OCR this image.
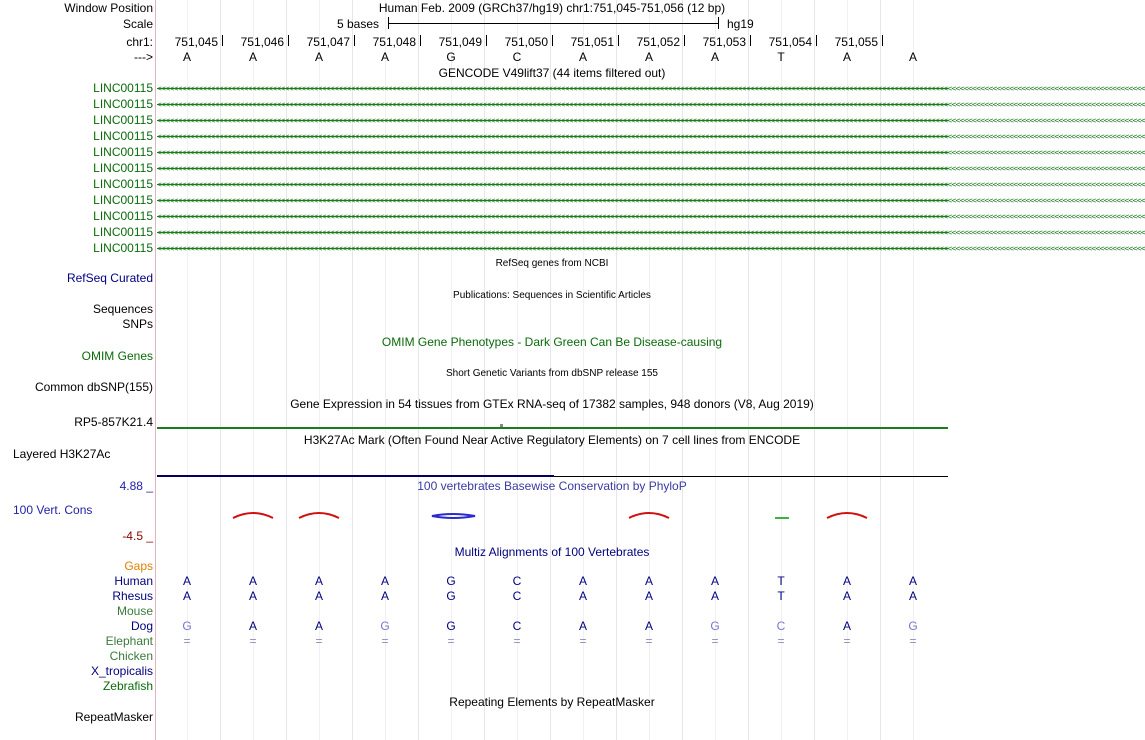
Window Position	Human Feb. 2009 (GRCh37/hg19) chr1:751,045-751,056 (12 bp)
Scale	5 bases	hg19
chr1: 751,045 751,046 751,047 751,048 751,049 751,050 751,051 751,052 751,053 751,054 751,055
---> A	A	A	A	G	C	A	A	A	T	A	A
GENCODE V49lift37 (44 items filtered out)
LINC00115 <<<<<<<<<<<<<<<<<<<<<<<<<<<<<<<<<<<<<<<<<<<<<<<<<<<<<<<<<<<<<<<<<<<<<<<<<<<<<<<<<<<<<<<<<<<<<<<<<<<<<<<<<<<<<<<<<<<<<<<<<<<<<<<<<<<<<<<<<<<<<<<<<<<<<<<<<<<<<<<<<<<<<<<<<<<<<<<<<<<<<<<<<<<<<<<<<<<<<<<<<<<<<<<<<<<<<<<<<<<<<<<<<<<<<<<<<<<<<<<<
LINC00115 <<<<<<<<<<<<<<<<<<<<<<<<<<<<<<<<<<<<<<<<<<<<<<<<<<<<<<<<<<<<<<<<<<<<<<<<<<<<<<<<<<<<<<<<<<<<<<<<<<<<<<<<<<<<<<<<<<<<<<<<<<<<<<<<<<<<<<<<<<<<<<<<<<<<<<<<<<<<<<<<<<<<<<<<<<<<<<<<<<<<<<<<<<<<<<<<<<<<<<<<<<<<<<<<<<<<<<<<<<<<<<<<<<<<<<<<<<<<<<<<
LINC00115 <<<<<<<<<<<<<<<<<<<<<<<<<<<<<<<<<<<<<<<<<<<<<<<<<<<<<<<<<<<<<<<<<<<<<<<<<<<<<<<<<<<<<<<<<<<<<<<<<<<<<<<<<<<<<<<<<<<<<<<<<<<<<<<<<<<<<<<<<<<<<<<<<<<<<<<<<<<<<<<<<<<<<<<<<<<<<<<<<<<<<<<<<<<<<<<<<<<<<<<<<<<<<<<<<<<<<<<<<<<<<<<<<<<<<<<<<<<<<<<<
LINC00115 <<<<<<<<<<<<<<<<<<<<<<<<<<<<<<<<<<<<<<<<<<<<<<<<<<<<<<<<<<<<<<<<<<<<<<<<<<<<<<<<<<<<<<<<<<<<<<<<<<<<<<<<<<<<<<<<<<<<<<<<<<<<<<<<<<<<<<<<<<<<<<<<<<<<<<<<<<<<<<<<<<<<<<<<<<<<<<<<<<<<<<<<<<<<<<<<<<<<<<<<<<<<<<<<<<<<<<<<<<<<<<<<<<<<<<<<<<<<<<<<
LINC00115 <<<<<<<<<<<<<<<<<<<<<<<<<<<<<<<<<<<<<<<<<<<<<<<<<<<<<<<<<<<<<<<<<<<<<<<<<<<<<<<<<<<<<<<<<<<<<<<<<<<<<<<<<<<<<<<<<<<<<<<<<<<<<<<<<<<<<<<<<<<<<<<<<<<<<<<<<<<<<<<<<<<<<<<<<<<<<<<<<<<<<<<<<<<<<<<<<<<<<<<<<<<<<<<<<<<<<<<<<<<<<<<<<<<<<<<<<<<<<<<<
LINC00115 <<<<<<<<<<<<<<<<<<<<<<<<<<<<<<<<<<<<<<<<<<<<<<<<<<<<<<<<<<<<<<<<<<<<<<<<<<<<<<<<<<<<<<<<<<<<<<<<<<<<<<<<<<<<<<<<<<<<<<<<<<<<<<<<<<<<<<<<<<<<<<<<<<<<<<<<<<<<<<<<<<<<<<<<<<<<<<<<<<<<<<<<<<<<<<<<<<<<<<<<<<<<<<<<<<<<<<<<<<<<<<<<<<<<<<<<<<<<<<<<
LINC00115 <<<<<<<<<<<<<<<<<<<<<<<<<<<<<<<<<<<<<<<<<<<<<<<<<<<<<<<<<<<<<<<<<<<<<<<<<<<<<<<<<<<<<<<<<<<<<<<<<<<<<<<<<<<<<<<<<<<<<<<<<<<<<<<<<<<<<<<<<<<<<<<<<<<<<<<<<<<<<<<<<<<<<<<<<<<<<<<<<<<<<<<<<<<<<<<<<<<<<<<<<<<<<<<<<<<<<<<<<<<<<<<<<<<<<<<<<<<<<<<<
LINC00115 <<<<<<<<<<<<<<<<<<<<<<<<<<<<<<<<<<<<<<<<<<<<<<<<<<<<<<<<<<<<<<<<<<<<<<<<<<<<<<<<<<<<<<<<<<<<<<<<<<<<<<<<<<<<<<<<<<<<<<<<<<<<<<<<<<<<<<<<<<<<<<<<<<<<<<<<<<<<<<<<<<<<<<<<<<<<<<<<<<<<<<<<<<<<<<<<<<<<<<<<<<<<<<<<<<<<<<<<<<<<<<<<<<<<<<<<<<<<<<<<
LINC00115 <<<<<<<<<<<<<<<<<<<<<<<<<<<<<<<<<<<<<<<<<<<<<<<<<<<<<<<<<<<<<<<<<<<<<<<<<<<<<<<<<<<<<<<<<<<<<<<<<<<<<<<<<<<<<<<<<<<<<<<<<<<<<<<<<<<<<<<<<<<<<<<<<<<<<<<<<<<<<<<<<<<<<<<<<<<<<<<<<<<<<<<<<<<<<<<<<<<<<<<<<<<<<<<<<<<<<<<<<<<<<<<<<<<<<<<<<<<<<<<<
LINC00115 <<<<<<<<<<<<<<<<<<<<<<<<<<<<<<<<<<<<<<<<<<<<<<<<<<<<<<<<<<<<<<<<<<<<<<<<<<<<<<<<<<<<<<<<<<<<<<<<<<<<<<<<<<<<<<<<<<<<<<<<<<<<<<<<<<<<<<<<<<<<<<<<<<<<<<<<<<<<<<<<<<<<<<<<<<<<<<<<<<<<<<<<<<<<<<<<<<<<<<<<<<<<<<<<<<<<<<<<<<<<<<<<<<<<<<<<<<<<<<<<
LINC00115 <<<<<<<<<<<<<<<<<<<<<<<<<<<<<<<<<<<<<<<<<<<<<<<<<<<<<<<<<<<<<<<<<<<<<<<<<<<<<<<<<<<<<<<<<<<<<<<<<<<<<<<<<<<<<<<<<<<<<<<<<<<<<<<<<<<<<<<<<<<<<<<<<<<<<<<<<<<<<<<<<<<<<<<<<<<<<<<<<<<<<<<<<<<<<<<<<<<<<<<<<<<<<<<<<<<<<<<<<<<<<<<<<<<<<<<<<<<<<<<<
RefSeq genes from NCBI
RefSeq Curated
Publications: Sequences in Scientific Articles
Sequences
SNPs
OMIM Gene Phenotypes - Dark Green Can Be Disease-causing
OMIM Genes
Short Genetic Variants from dbSNP release 155
Common dbSNP(155)
Gene Expression in 54 tissues from GTEx RNA-seq of 17382 samples, 948 donors (V8, Aug 2019)
RP5-857K21.4
H3K27Ac Mark (Often Found Near Active Regulatory Elements) on 7 cell lines from ENCODE
Layered H3K27Ac
100 vertebrates Basewise Conservation by PhyloP
4.88 _
100 Vert. Cons
-4.5 _
Multiz Alignments of 100 Vertebrates
Gaps
Human A	A	A	A	G	C	A	A	A	T	A	A
Rhesus A	A	A	A	G	C	A	A	A	T	A	A
Mouse
Dog G	A	A	G	G	C	A	A	G	C	A	G
Elephant	=	=	=	=	=	=	=	=	=	=	=	=
Chicken
X_tropicalis
Zebrafish
Repeating Elements by RepeatMasker
RepeatMasker
